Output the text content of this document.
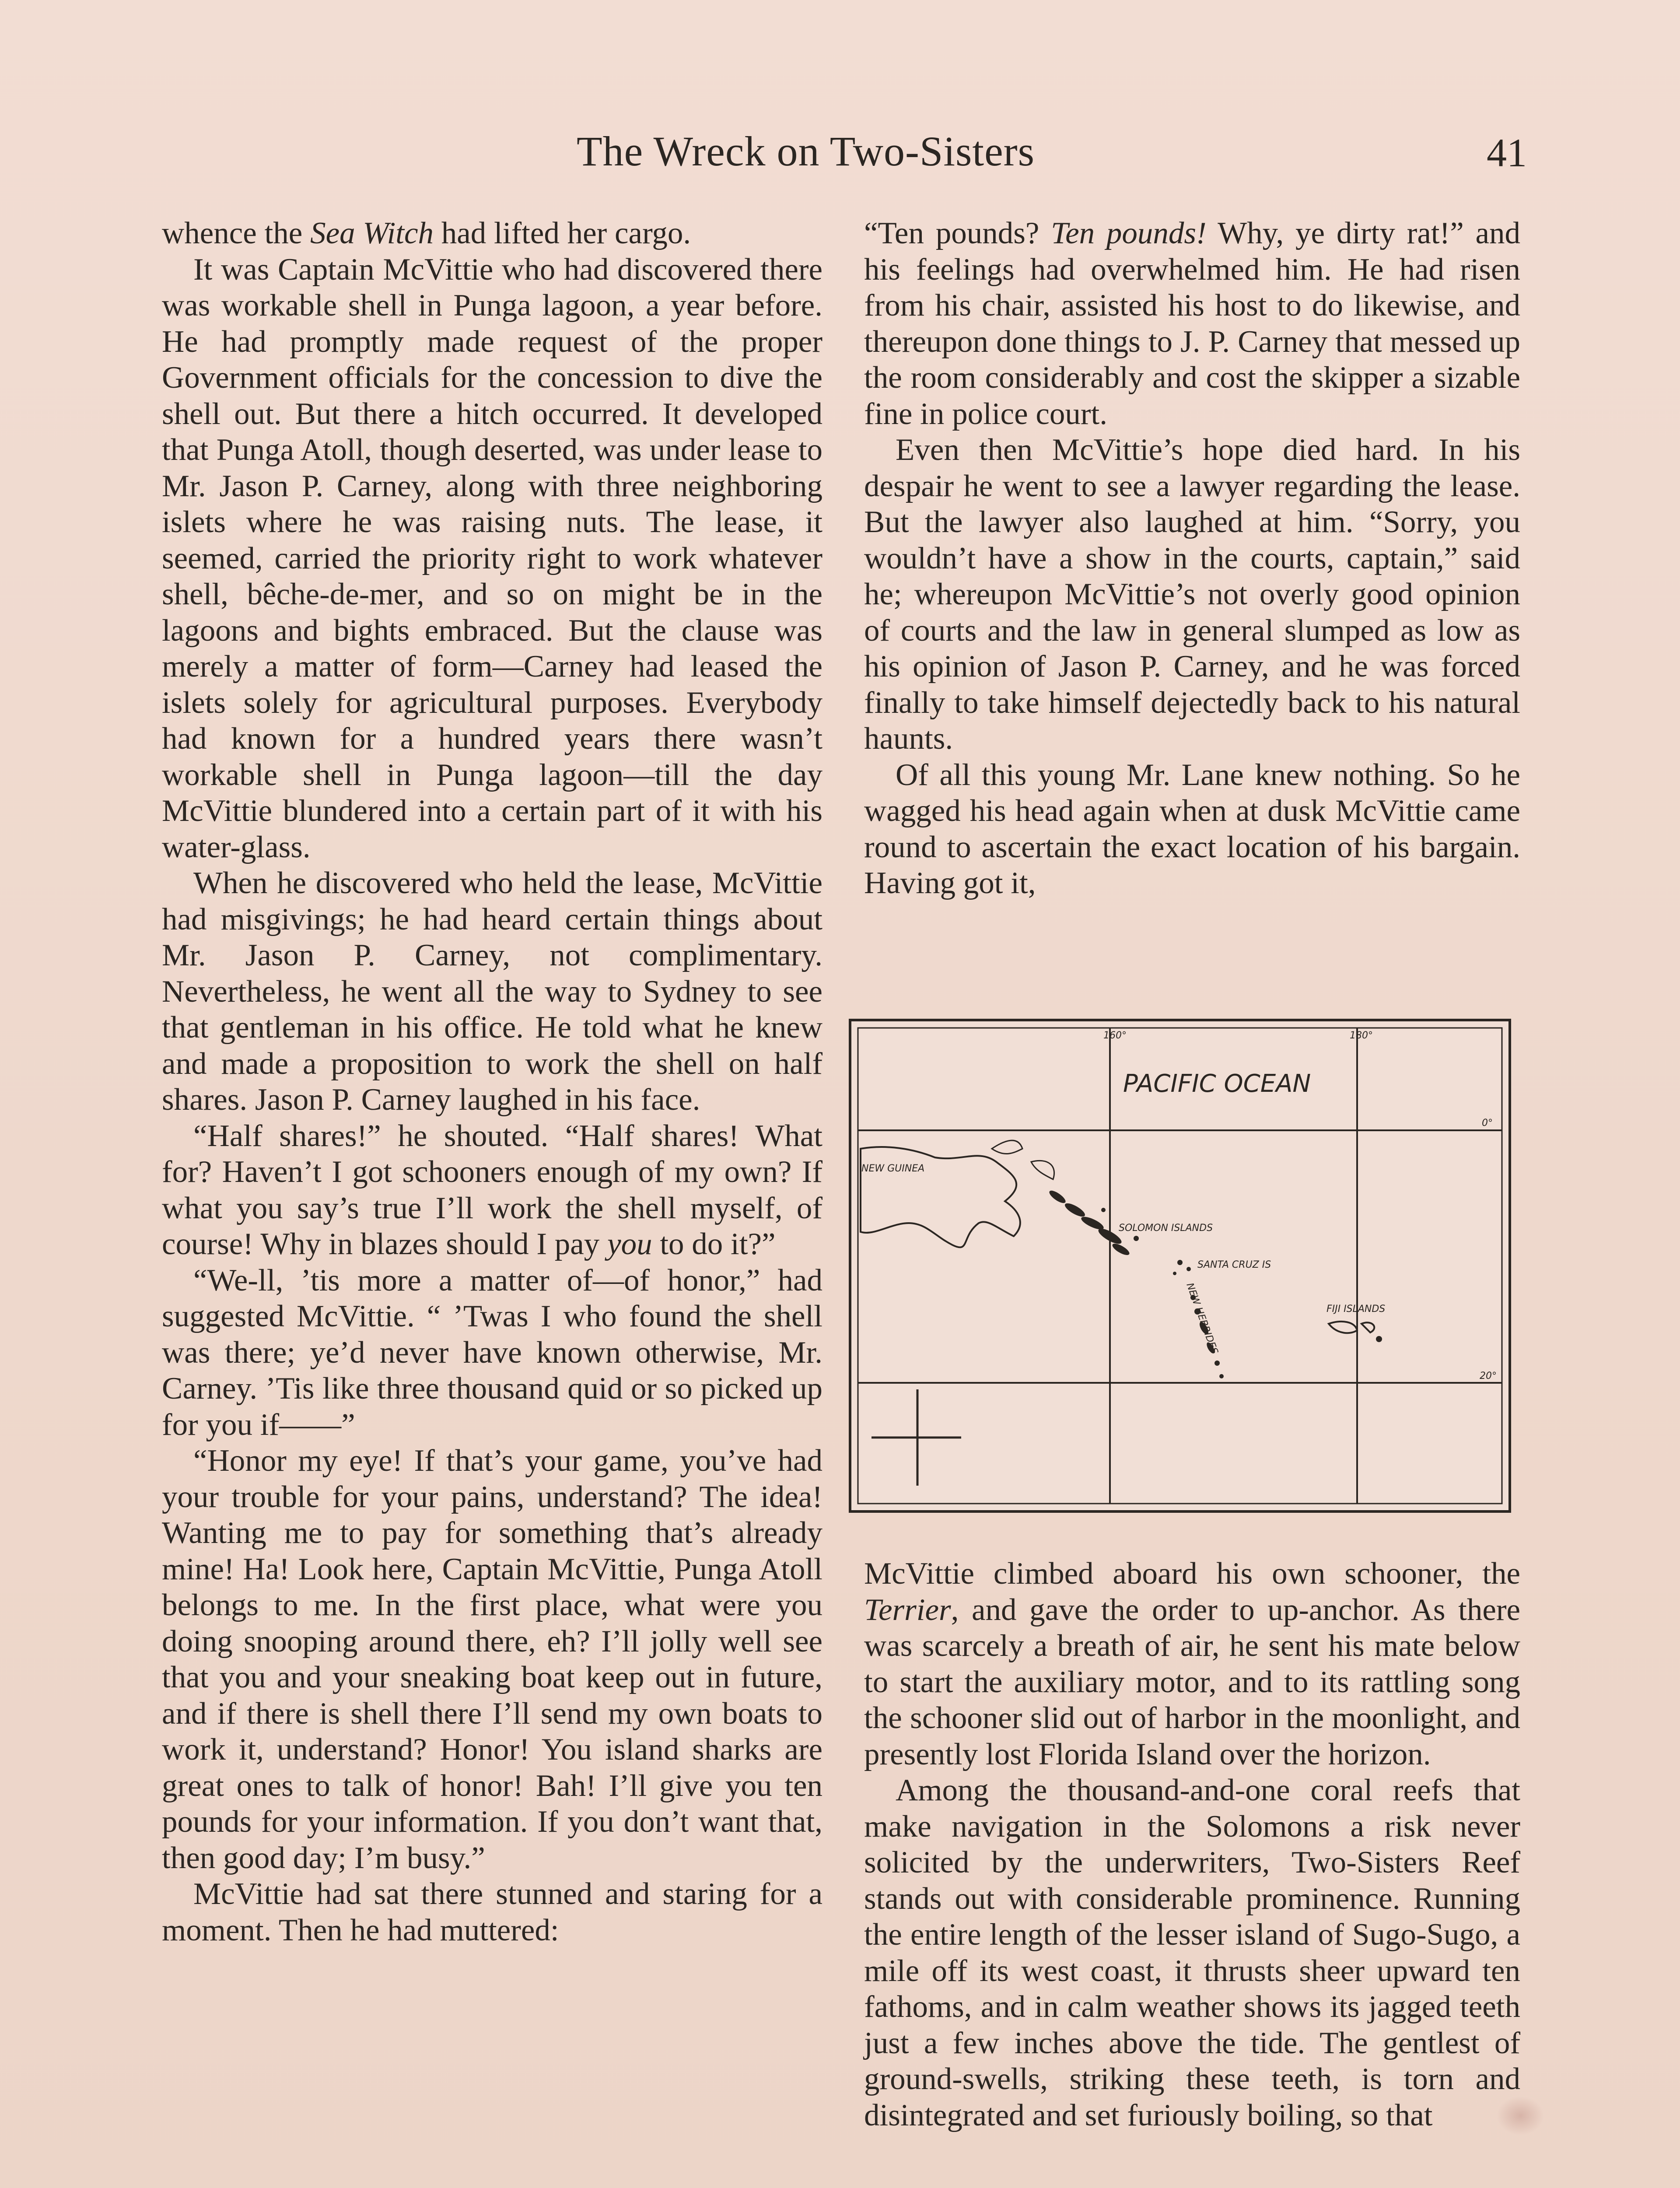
The Wreck on Two-Sisters	41

whence the Sea Witch had lifted her cargo.

It was Captain McVittie who had discovered there was workable shell in Punga lagoon, a year before. He had promptly made request of the proper Government officials for the concession to dive the shell out. But there a hitch occurred. It developed that Punga Atoll, though deserted, was under lease to Mr. Jason P. Carney, along with three neighboring islets where he was raising nuts. The lease, it seemed, carried the priority right to work whatever shell, bêche-de-mer, and so on might be in the lagoons and bights embraced. But the clause was merely a matter of form—Carney had leased the islets solely for agricultural purposes. Everybody had known for a hundred years there wasn’t workable shell in Punga lagoon—till the day McVittie blundered into a certain part of it with his water-glass.

When he discovered who held the lease, McVittie had misgivings; he had heard certain things about Mr. Jason P. Carney, not complimentary. Nevertheless, he went all the way to Sydney to see that gentleman in his office. He told what he knew and made a proposition to work the shell on half shares. Jason P. Carney laughed in his face.

“Half shares!” he shouted. “Half shares! What for? Haven’t I got schooners enough of my own? If what you say’s true I’ll work the shell myself, of course! Why in blazes should I pay you to do it?”

“We-ll, ’tis more a matter of—of honor,” had suggested McVittie. “ ’Twas I who found the shell was there; ye’d never have known otherwise, Mr. Carney. ’Tis like three thousand quid or so picked up for you if——”

“Honor my eye! If that’s your game, you’ve had your trouble for your pains, understand? The idea! Wanting me to pay for something that’s already mine! Ha! Look here, Captain McVittie, Punga Atoll belongs to me. In the first place, what were you doing snooping around there, eh? I’ll jolly well see that you and your sneaking boat keep out in future, and if there is shell there I’ll send my own boats to work it, understand? Honor! You island sharks are great ones to talk of honor! Bah! I’ll give you ten pounds for your information. If you don’t want that, then good day; I’m busy.”

McVittie had sat there stunned and staring for a moment. Then he had muttered:

“Ten pounds? Ten pounds! Why, ye dirty rat!” and his feelings had overwhelmed him. He had risen from his chair, assisted his host to do likewise, and thereupon done things to J. P. Carney that messed up the room considerably and cost the skipper a sizable fine in police court.

Even then McVittie’s hope died hard. In his despair he went to see a lawyer regarding the lease. But the lawyer also laughed at him. “Sorry, you wouldn’t have a show in the courts, captain,” said he; whereupon McVittie’s not overly good opinion of courts and the law in general slumped as low as his opinion of Jason P. Carney, and he was forced finally to take himself dejectedly back to his natural haunts.

Of all this young Mr. Lane knew nothing. So he wagged his head again when at dusk McVittie came round to ascertain the exact location of his bargain. Having got it,

PACIFIC OCEAN
160°	180°
0°
20°
NEW GUINEA
SOLOMON ISLANDS
SANTA CRUZ IS
NEW HEBRIDES	FIJI ISLANDS

McVittie climbed aboard his own schooner, the Terrier, and gave the order to up-anchor. As there was scarcely a breath of air, he sent his mate below to start the auxiliary motor, and to its rattling song the schooner slid out of harbor in the moonlight, and presently lost Florida Island over the horizon.

Among the thousand-and-one coral reefs that make navigation in the Solomons a risk never solicited by the underwriters, Two-Sisters Reef stands out with considerable prominence. Running the entire length of the lesser island of Sugo-Sugo, a mile off its west coast, it thrusts sheer upward ten fathoms, and in calm weather shows its jagged teeth just a few inches above the tide. The gentlest of ground-swells, striking these teeth, is torn and disintegrated and set furiously boiling, so that
